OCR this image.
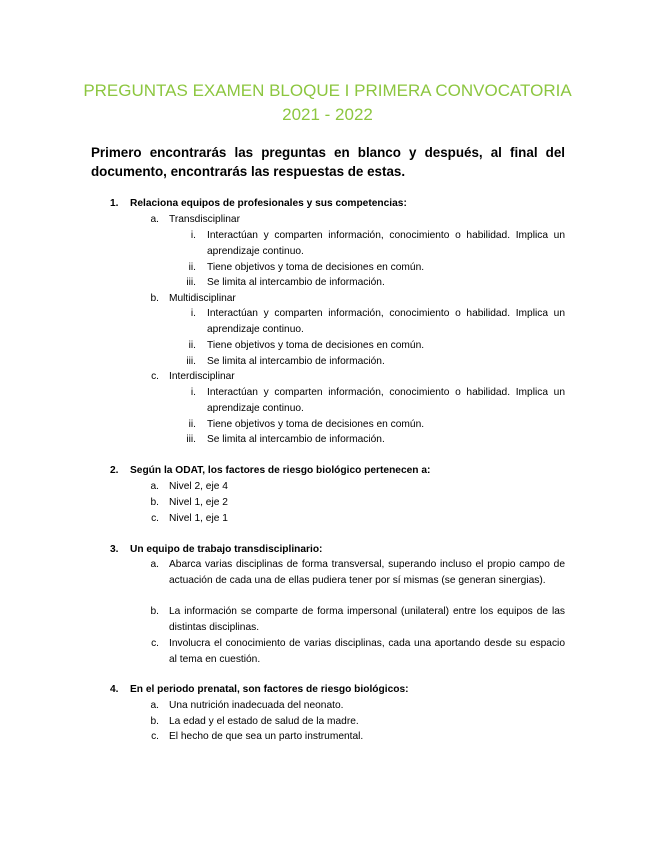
PREGUNTAS EXAMEN BLOQUE I PRIMERA CONVOCATORIA
2021 - 2022
Primero encontrarás las preguntas en blanco y después, al final del documento, encontrarás las respuestas de estas.
1. Relaciona equipos de profesionales y sus competencias:
a. Transdisciplinar
i. Interactúan y comparten información, conocimiento o habilidad. Implica un aprendizaje continuo.
ii. Tiene objetivos y toma de decisiones en común.
iii. Se limita al intercambio de información.
b. Multidisciplinar
i. Interactúan y comparten información, conocimiento o habilidad. Implica un aprendizaje continuo.
ii. Tiene objetivos y toma de decisiones en común.
iii. Se limita al intercambio de información.
c. Interdisciplinar
i. Interactúan y comparten información, conocimiento o habilidad. Implica un aprendizaje continuo.
ii. Tiene objetivos y toma de decisiones en común.
iii. Se limita al intercambio de información.
2. Según la ODAT, los factores de riesgo biológico pertenecen a:
a. Nivel 2, eje 4
b. Nivel 1, eje 2
c. Nivel 1, eje 1
3. Un equipo de trabajo transdisciplinario:
a. Abarca varias disciplinas de forma transversal, superando incluso el propio campo de actuación de cada una de ellas pudiera tener por sí mismas (se generan sinergias).
b. La información se comparte de forma impersonal (unilateral) entre los equipos de las distintas disciplinas.
c. Involucra el conocimiento de varias disciplinas, cada una aportando desde su espacio al tema en cuestión.
4. En el periodo prenatal, son factores de riesgo biológicos:
a. Una nutrición inadecuada del neonato.
b. La edad y el estado de salud de la madre.
c. El hecho de que sea un parto instrumental.
